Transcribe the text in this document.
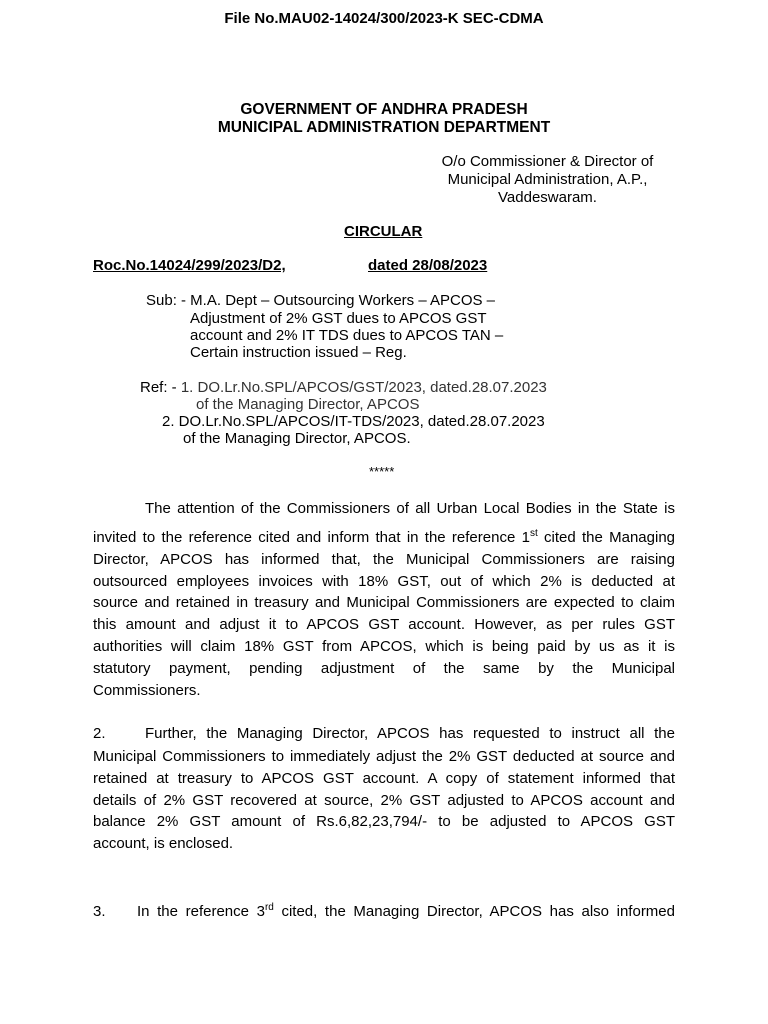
File No.MAU02-14024/300/2023-K SEC-CDMA
GOVERNMENT OF ANDHRA PRADESH
MUNICIPAL ADMINISTRATION DEPARTMENT
O/o Commissioner & Director of
Municipal Administration, A.P.,
Vaddeswaram.
CIRCULAR
Roc.No.14024/299/2023/D2,	dated 28/08/2023
Sub: - M.A. Dept – Outsourcing Workers – APCOS –
Adjustment of 2% GST dues to APCOS GST
account and 2% IT TDS dues to APCOS TAN –
Certain instruction issued – Reg.
Ref: - 1. DO.Lr.No.SPL/APCOS/GST/2023, dated.28.07.2023
of the Managing Director, APCOS
2. DO.Lr.No.SPL/APCOS/IT-TDS/2023, dated.28.07.2023
of the Managing Director, APCOS.
*****
The attention of the Commissioners of all Urban Local Bodies in the State is
invited to the reference cited and inform that in the reference 1st cited the Managing
Director, APCOS has informed that, the Municipal Commissioners are raising
outsourced employees invoices with 18% GST, out of which 2% is deducted at
source and retained in treasury and Municipal Commissioners are expected to claim
this amount and adjust it to APCOS GST account. However, as per rules GST
authorities will claim 18% GST from APCOS, which is being paid by us as it is
statutory payment, pending adjustment of the same by the Municipal
Commissioners.
2.	Further, the Managing Director, APCOS has requested to instruct all the
Municipal Commissioners to immediately adjust the 2% GST deducted at source and
retained at treasury to APCOS GST account. A copy of statement informed that
details of 2% GST recovered at source, 2% GST adjusted to APCOS account and
balance 2% GST amount of Rs.6,82,23,794/- to be adjusted to APCOS GST
account, is enclosed.
3. In the reference 3rd cited, the Managing Director, APCOS has also informed
